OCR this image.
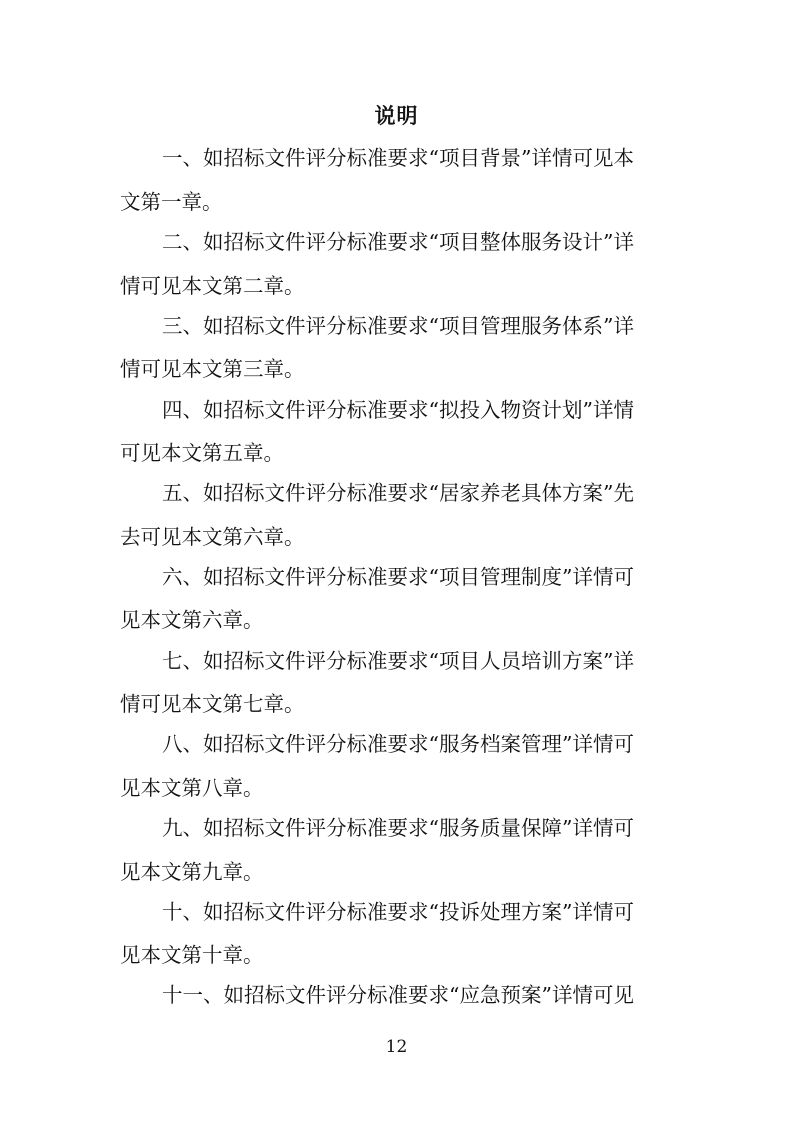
说明
一、如招标文件评分标准要求“项目背景”详情可见本
文第一章。
二、如招标文件评分标准要求“项目整体服务设计”详
情可见本文第二章。
三、如招标文件评分标准要求“项目管理服务体系”详
情可见本文第三章。
四、如招标文件评分标准要求“拟投入物资计划”详情
可见本文第五章。
五、如招标文件评分标准要求“居家养老具体方案”先
去可见本文第六章。
六、如招标文件评分标准要求“项目管理制度”详情可
见本文第六章。
七、如招标文件评分标准要求“项目人员培训方案”详
情可见本文第七章。
八、如招标文件评分标准要求“服务档案管理”详情可
见本文第八章。
九、如招标文件评分标准要求“服务质量保障”详情可
见本文第九章。
十、如招标文件评分标准要求“投诉处理方案”详情可
见本文第十章。
十一、如招标文件评分标准要求“应急预案”详情可见
12
